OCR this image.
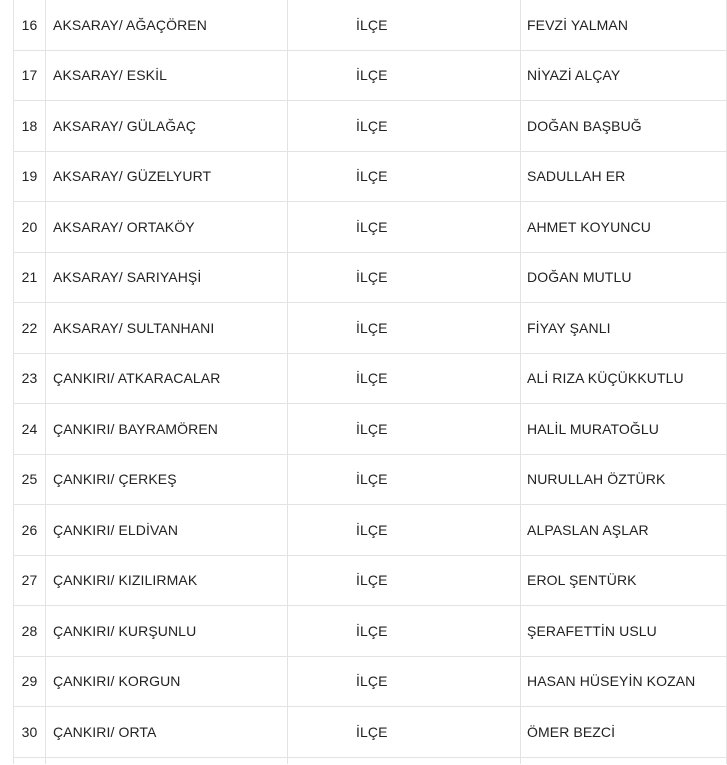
16	AKSARAY/ AĞAÇÖREN	İLÇE	FEVZİ YALMAN
17	AKSARAY/ ESKİL	İLÇE	NİYAZİ ALÇAY
18	AKSARAY/ GÜLAĞAÇ	İLÇE	DOĞAN BAŞBUĞ
19	AKSARAY/ GÜZELYURT	İLÇE	SADULLAH ER
20	AKSARAY/ ORTAKÖY	İLÇE	AHMET KOYUNCU
21	AKSARAY/ SARIYAHŞİ	İLÇE	DOĞAN MUTLU
22	AKSARAY/ SULTANHANI	İLÇE	FİYAY ŞANLI
23	ÇANKIRI/ ATKARACALAR	İLÇE	ALİ RIZA KÜÇÜKKUTLU
24	ÇANKIRI/ BAYRAMÖREN	İLÇE	HALİL MURATOĞLU
25	ÇANKIRI/ ÇERKEŞ	İLÇE	NURULLAH ÖZTÜRK
26	ÇANKIRI/ ELDİVAN	İLÇE	ALPASLAN AŞLAR
27	ÇANKIRI/ KIZILIRMAK	İLÇE	EROL ŞENTÜRK
28	ÇANKIRI/ KURŞUNLU	İLÇE	ŞERAFETTİN USLU
29	ÇANKIRI/ KORGUN	İLÇE	HASAN HÜSEYİN KOZAN
30	ÇANKIRI/ ORTA	İLÇE	ÖMER BEZCİ
